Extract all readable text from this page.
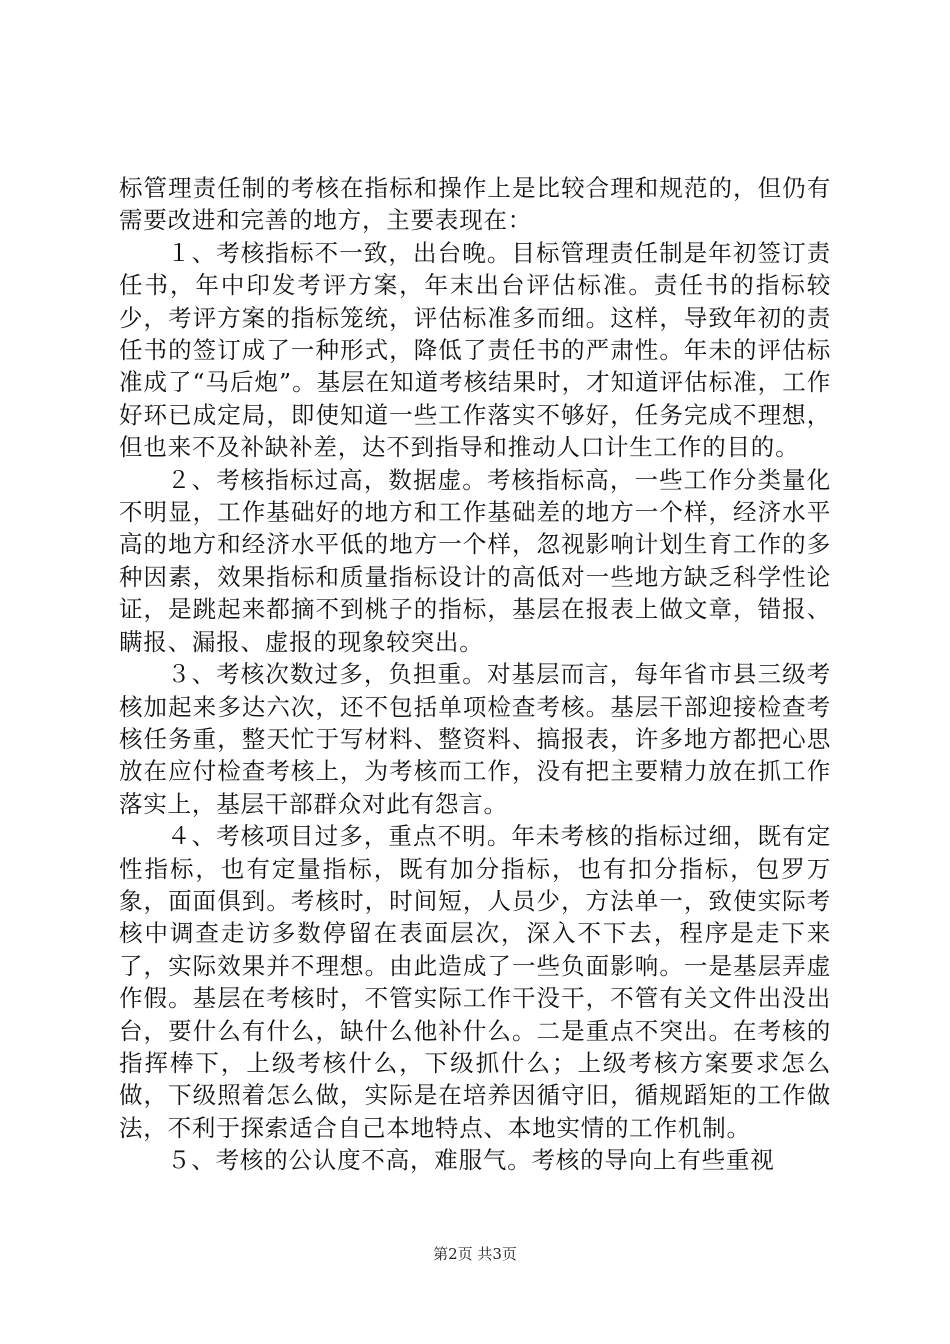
标管理责任制的考核在指标和操作上是比较合理和规范的，但仍有需要改进和完善的地方，主要表现在：

１、考核指标不一致，出台晚。目标管理责任制是年初签订责任书，年中印发考评方案，年末出台评估标准。责任书的指标较少，考评方案的指标笼统，评估标准多而细。这样，导致年初的责任书的签订成了一种形式，降低了责任书的严肃性。年未的评估标准成了“马后炮”。基层在知道考核结果时，才知道评估标准，工作好环已成定局，即使知道一些工作落实不够好，任务完成不理想，但也来不及补缺补差，达不到指导和推动人口计生工作的目的。

２、考核指标过高，数据虚。考核指标高，一些工作分类量化不明显，工作基础好的地方和工作基础差的地方一个样，经济水平高的地方和经济水平低的地方一个样，忽视影响计划生育工作的多种因素，效果指标和质量指标设计的高低对一些地方缺乏科学性论证，是跳起来都摘不到桃子的指标，基层在报表上做文章，错报、瞒报、漏报、虚报的现象较突出。

３、考核次数过多，负担重。对基层而言，每年省市县三级考核加起来多达六次，还不包括单项检查考核。基层干部迎接检查考核任务重，整天忙于写材料、整资料、搞报表，许多地方都把心思放在应付检查考核上，为考核而工作，没有把主要精力放在抓工作落实上，基层干部群众对此有怨言。

４、考核项目过多，重点不明。年未考核的指标过细，既有定性指标，也有定量指标，既有加分指标，也有扣分指标，包罗万象，面面俱到。考核时，时间短，人员少，方法单一，致使实际考核中调查走访多数停留在表面层次，深入不下去，程序是走下来了，实际效果并不理想。由此造成了一些负面影响。一是基层弄虚作假。基层在考核时，不管实际工作干没干，不管有关文件出没出台，要什么有什么，缺什么他补什么。二是重点不突出。在考核的指挥棒下，上级考核什么，下级抓什么；上级考核方案要求怎么做，下级照着怎么做，实际是在培养因循守旧，循规蹈矩的工作做法，不利于探索适合自己本地特点、本地实情的工作机制。

５、考核的公认度不高，难服气。考核的导向上有些重视

第2页 共3页
